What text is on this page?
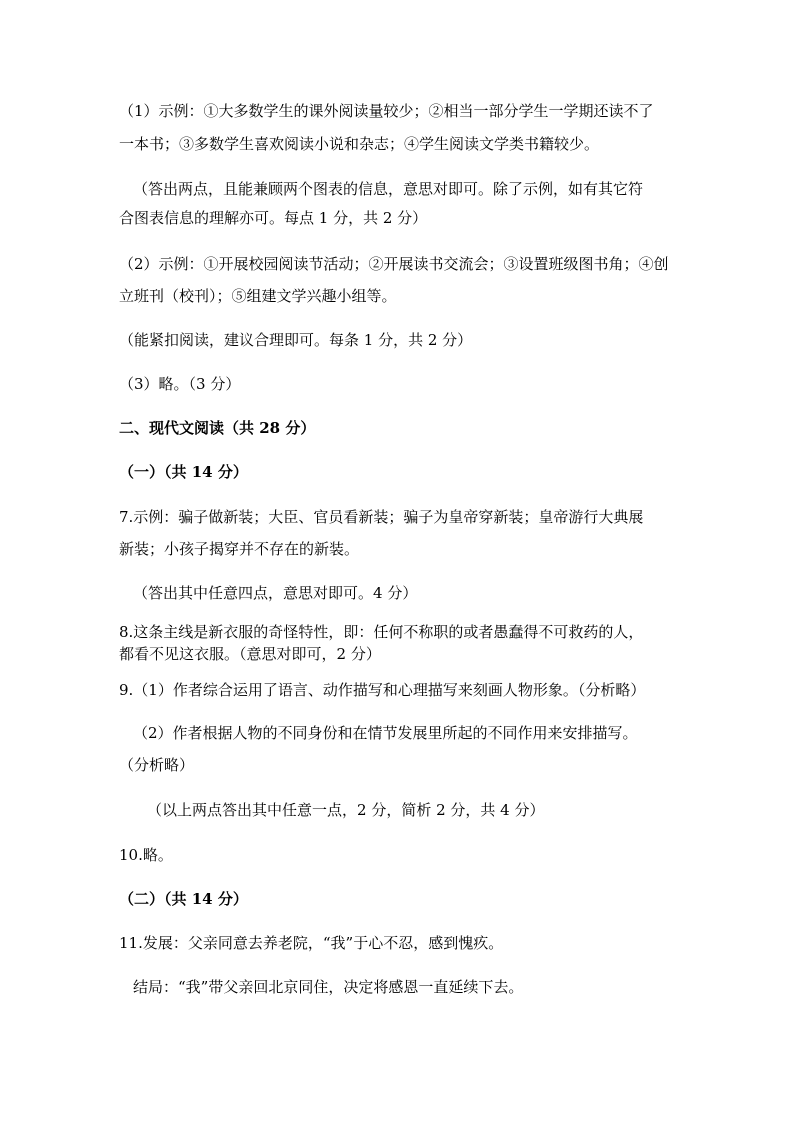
（1）示例：①大多数学生的课外阅读量较少；②相当一部分学生一学期还读不了
一本书；③多数学生喜欢阅读小说和杂志；④学生阅读文学类书籍较少。
（答出两点，且能兼顾两个图表的信息，意思对即可。除了示例，如有其它符
合图表信息的理解亦可。每点 1 分，共 2 分）
（2）示例：①开展校园阅读节活动；②开展读书交流会；③设置班级图书角；④创
立班刊（校刊）；⑤组建文学兴趣小组等。
（能紧扣阅读，建议合理即可。每条 1 分，共 2 分）
（3）略。（3 分）
二、现代文阅读（共 28 分）
（一）（共 14 分）
7.示例：骗子做新装；大臣、官员看新装；骗子为皇帝穿新装；皇帝游行大典展
新装；小孩子揭穿并不存在的新装。
（答出其中任意四点，意思对即可。4 分）
8.这条主线是新衣服的奇怪特性，即：任何不称职的或者愚蠢得不可救药的人，
都看不见这衣服。（意思对即可，2 分）
9.（1）作者综合运用了语言、动作描写和心理描写来刻画人物形象。（分析略）
（2）作者根据人物的不同身份和在情节发展里所起的不同作用来安排描写。
（分析略）
（以上两点答出其中任意一点，2 分，简析 2 分，共 4 分）
10.略。
（二）（共 14 分）
11.发展：父亲同意去养老院，“我”于心不忍，感到愧疚。
结局：“我”带父亲回北京同住，决定将感恩一直延续下去。
